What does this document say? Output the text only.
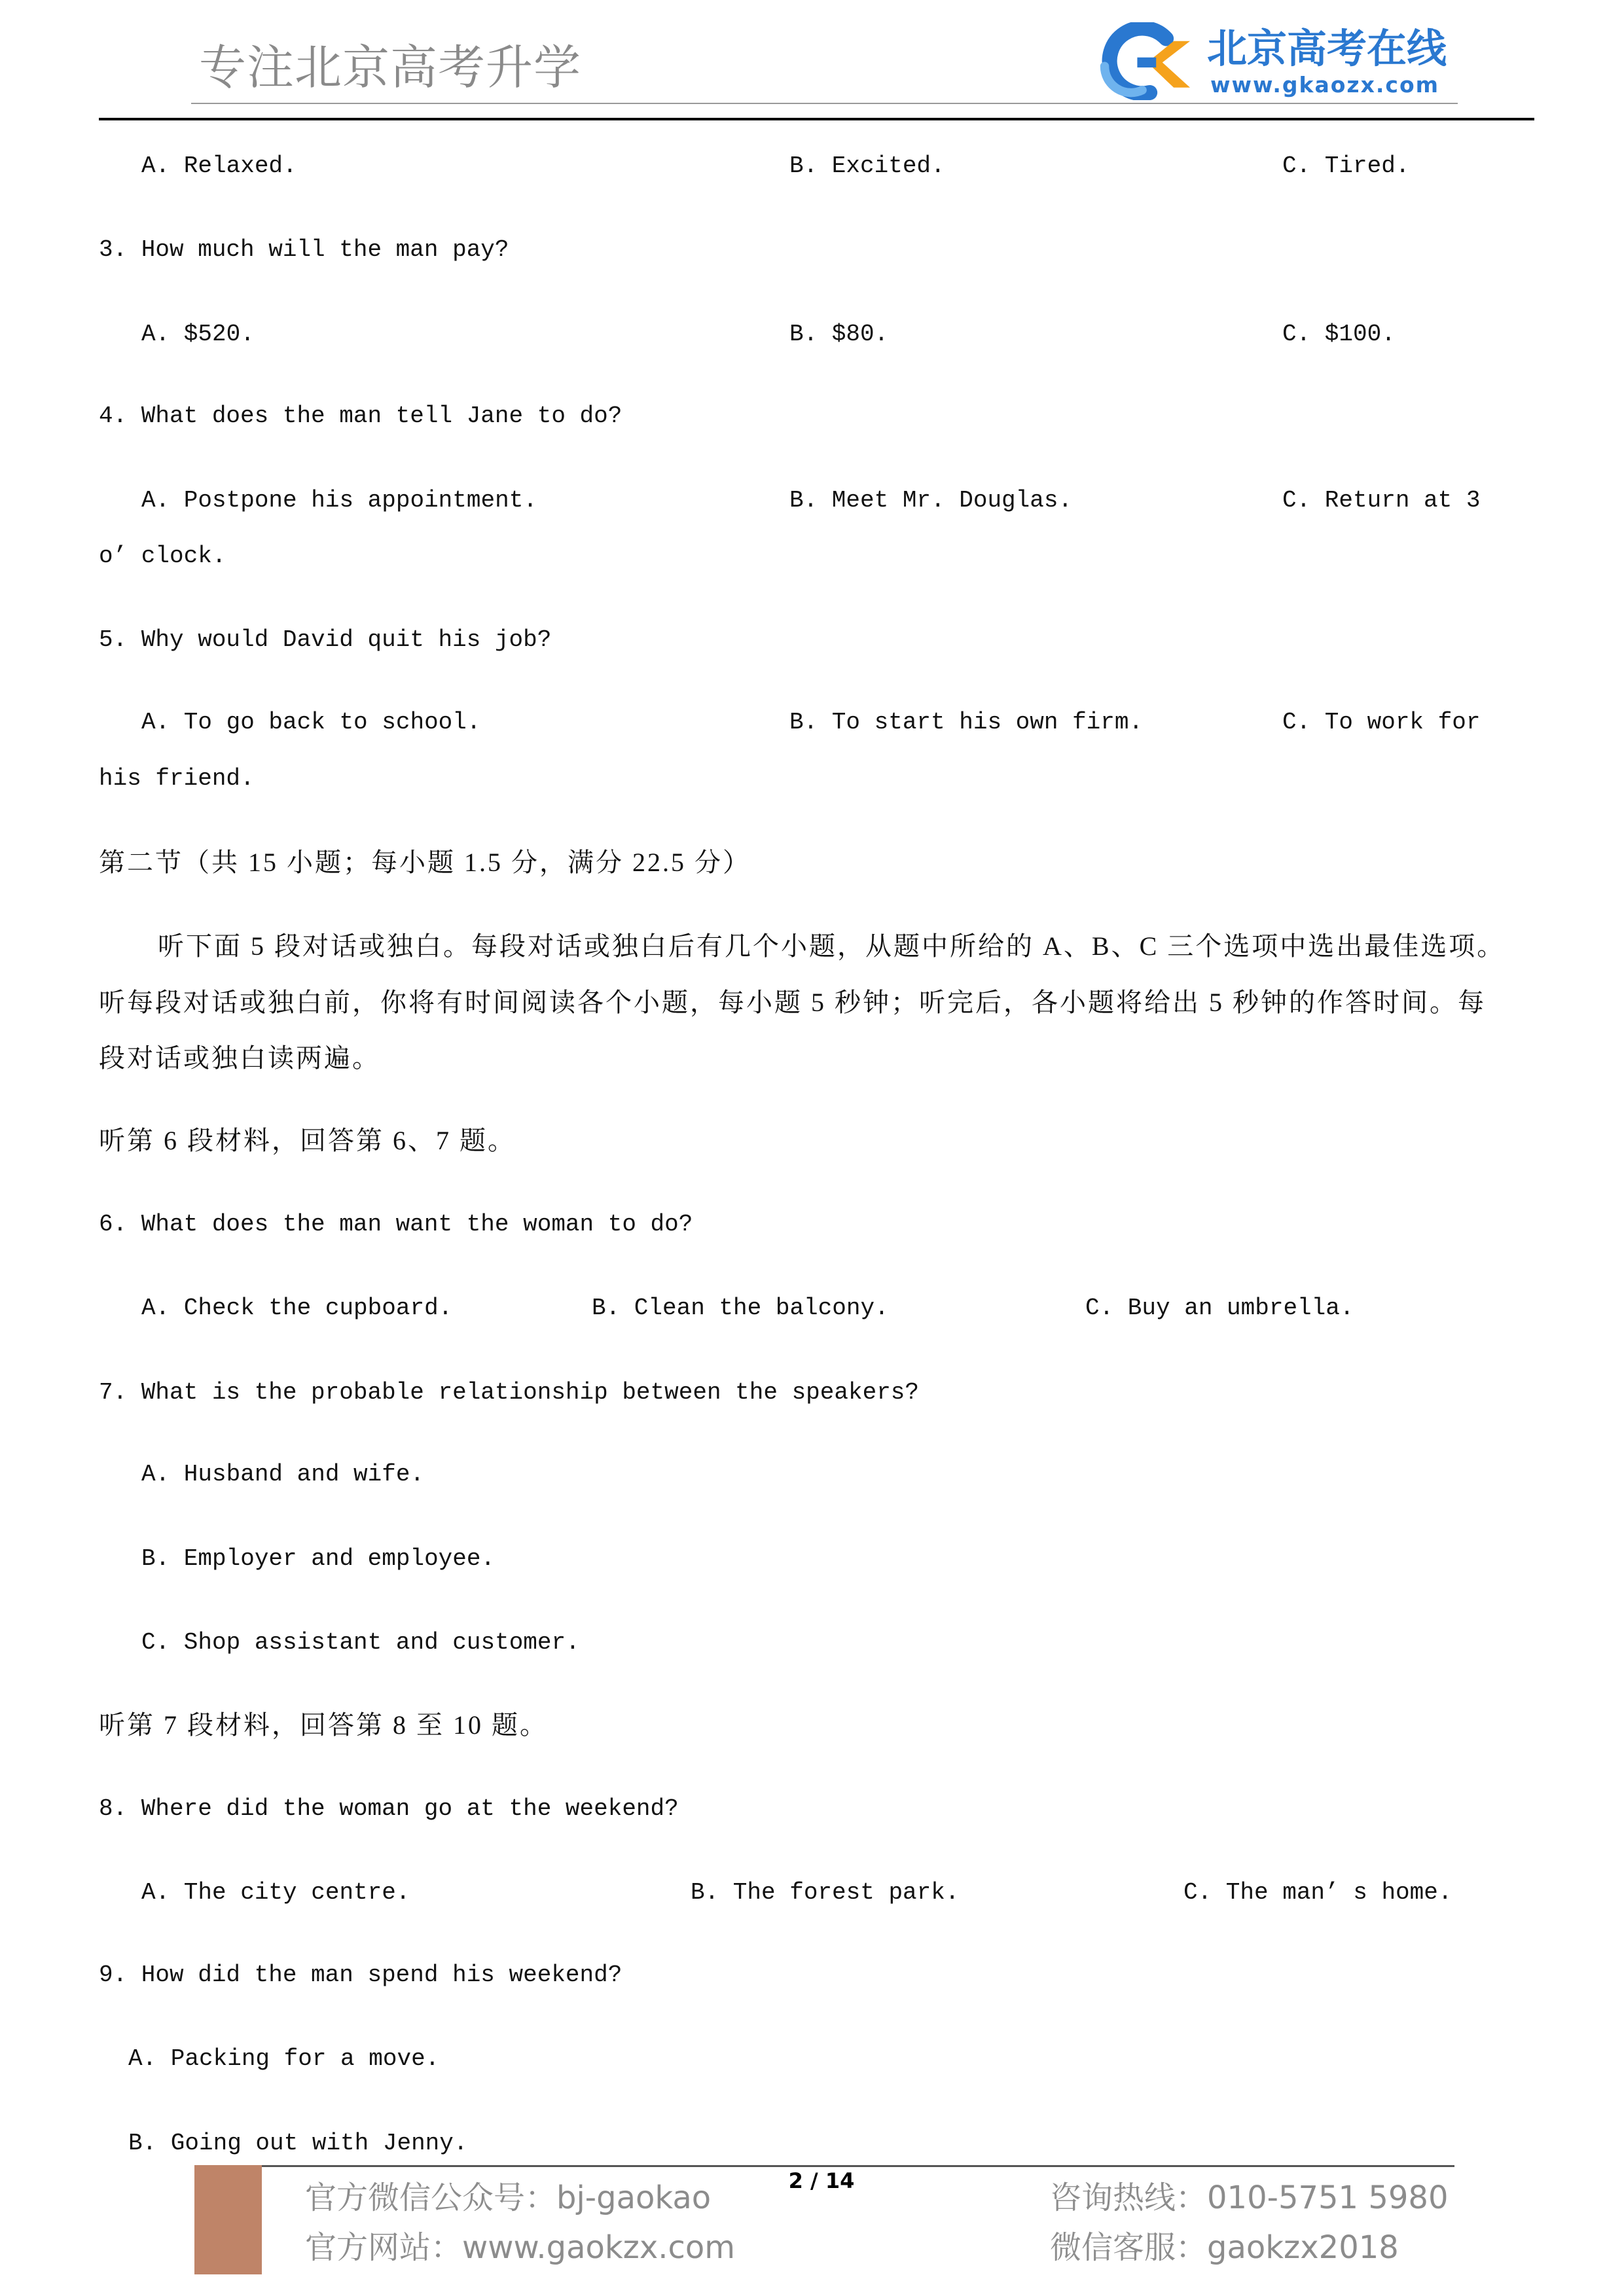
专注北京高考升学	北京高考在线
www.gkaozx.com
A. Relaxed.	B. Excited.	C. Tired.
3. How much will the man pay?
A. $520.	B. $80.	C. $100.
4. What does the man tell Jane to do?
A. Postpone his appointment.	B. Meet Mr. Douglas.	C. Return at 3
o’ clock.
5. Why would David quit his job?
A. To go back to school.	B. To start his own firm.	C. To work for
his friend.
第二节（共 15 小题；每小题 1.5 分，满分 22.5 分）
听下面 5 段对话或独白。每段对话或独白后有几个小题，从题中所给的 A、B、C 三个选项中选出最佳选项。
听每段对话或独白前，你将有时间阅读各个小题，每小题 5 秒钟；听完后，各小题将给出 5 秒钟的作答时间。每
段对话或独白读两遍。
听第 6 段材料，回答第 6、7 题。
6. What does the man want the woman to do?
A. Check the cupboard.	B. Clean the balcony.	C. Buy an umbrella.
7. What is the probable relationship between the speakers?
A. Husband and wife.
B. Employer and employee.
C. Shop assistant and customer.
听第 7 段材料，回答第 8 至 10 题。
8. Where did the woman go at the weekend?
A. The city centre.	B. The forest park.	C. The man’ s home.
9. How did the man spend his weekend?
A. Packing for a move.
B. Going out with Jenny.
2 / 14
官方微信公众号：bj-gaokao
官方网站：www.gaokzx.com
咨询热线：010-5751 5980
微信客服：gaokzx2018
